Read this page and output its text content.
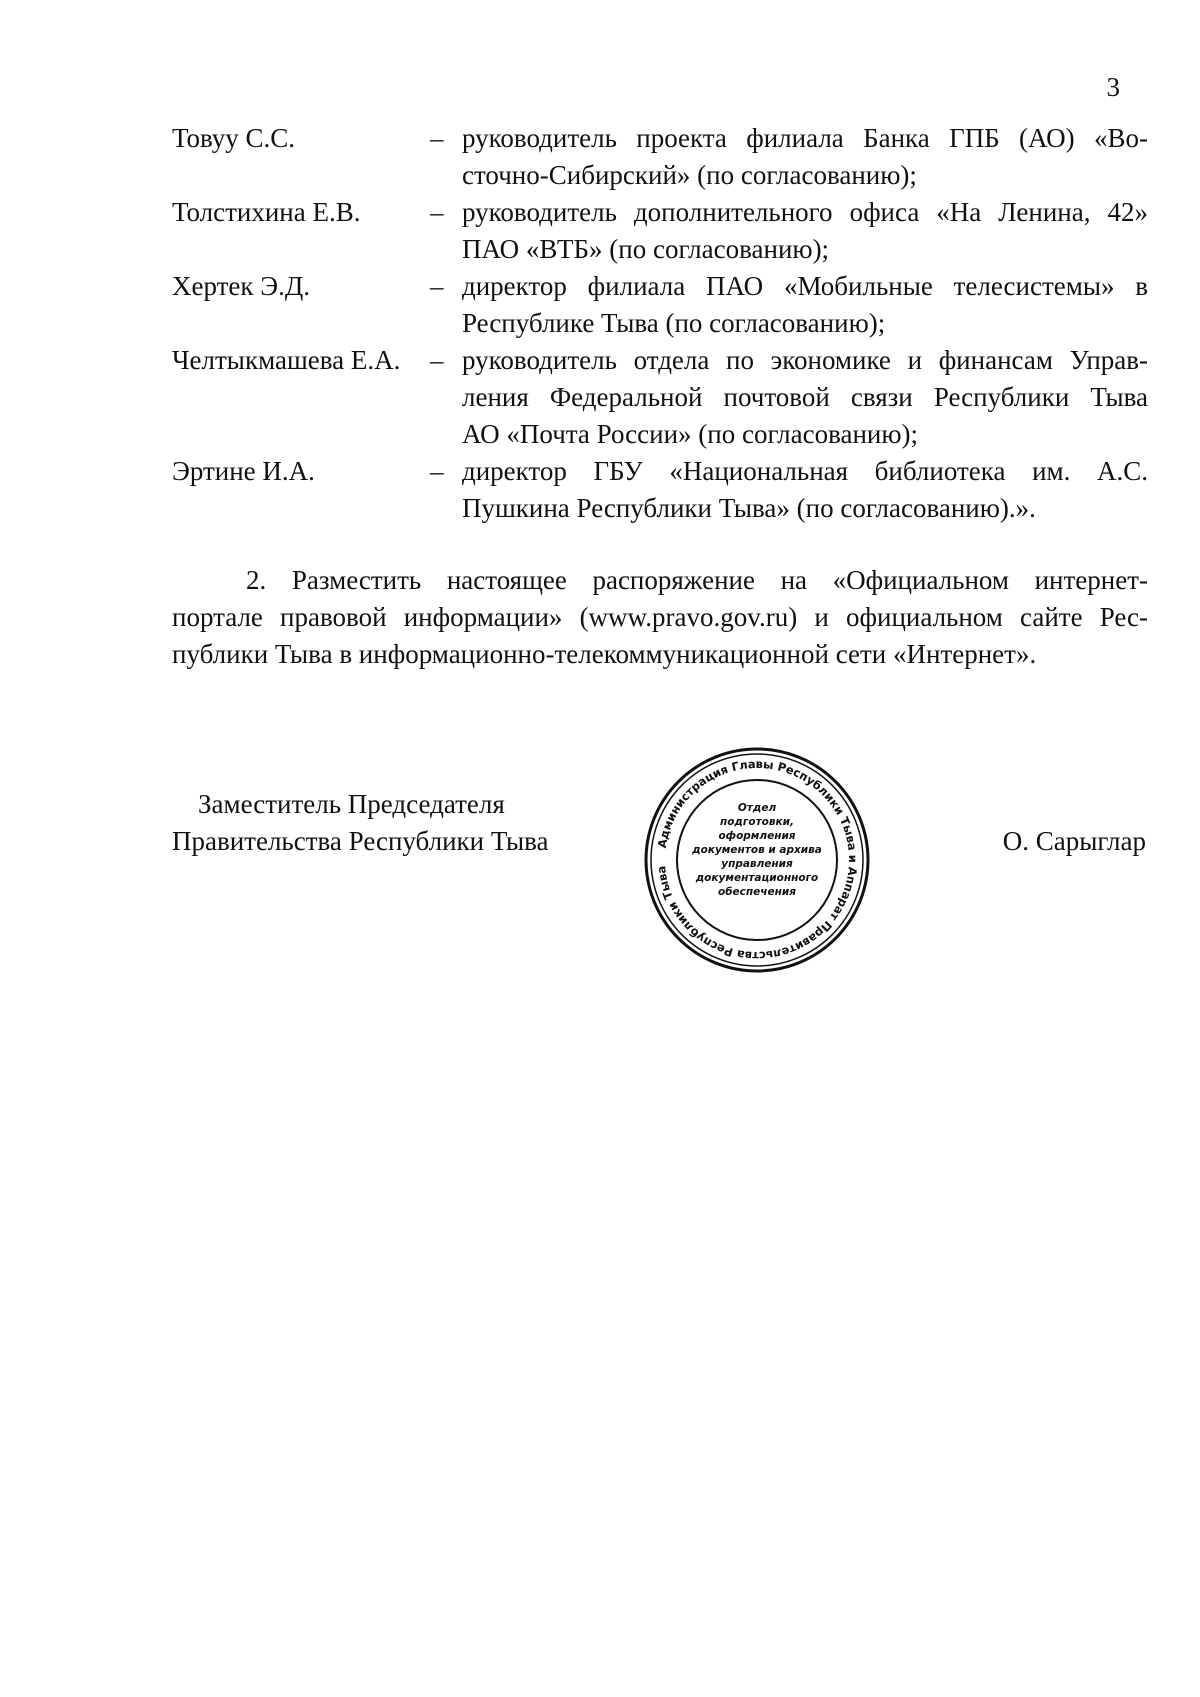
3
Товуу С.С.	– руководитель проекта филиала Банка ГПБ (АО) «Во-
сточно-Сибирский» (по согласованию);
Толстихина Е.В.	– руководитель дополнительного офиса «На Ленина, 42»
ПАО «ВТБ» (по согласованию);
Хертек Э.Д.	– директор филиала ПАО «Мобильные телесистемы» в
Республике Тыва (по согласованию);
Челтыкмашева Е.А.	– руководитель отдела по экономике и финансам Управ-
ления Федеральной почтовой связи Республики Тыва
АО «Почта России» (по согласованию);
Эртине И.А.	– директор ГБУ «Национальная библиотека им. А.С.
Пушкина Республики Тыва» (по согласованию).».
2. Разместить настоящее распоряжение на «Официальном интернет-
портале правовой информации» (www.pravo.gov.ru) и официальном сайте Рес-
публики Тыва в информационно-телекоммуникационной сети «Интернет».
Заместитель Председателя
Правительства Республики Тыва	Администрация Главы Республики Тыва и Аппарат Правительства Республики Тыва
Отдел
подготовки,
оформления
документов и архива
управления
документационного
обеспечения
О. Сарыглар
